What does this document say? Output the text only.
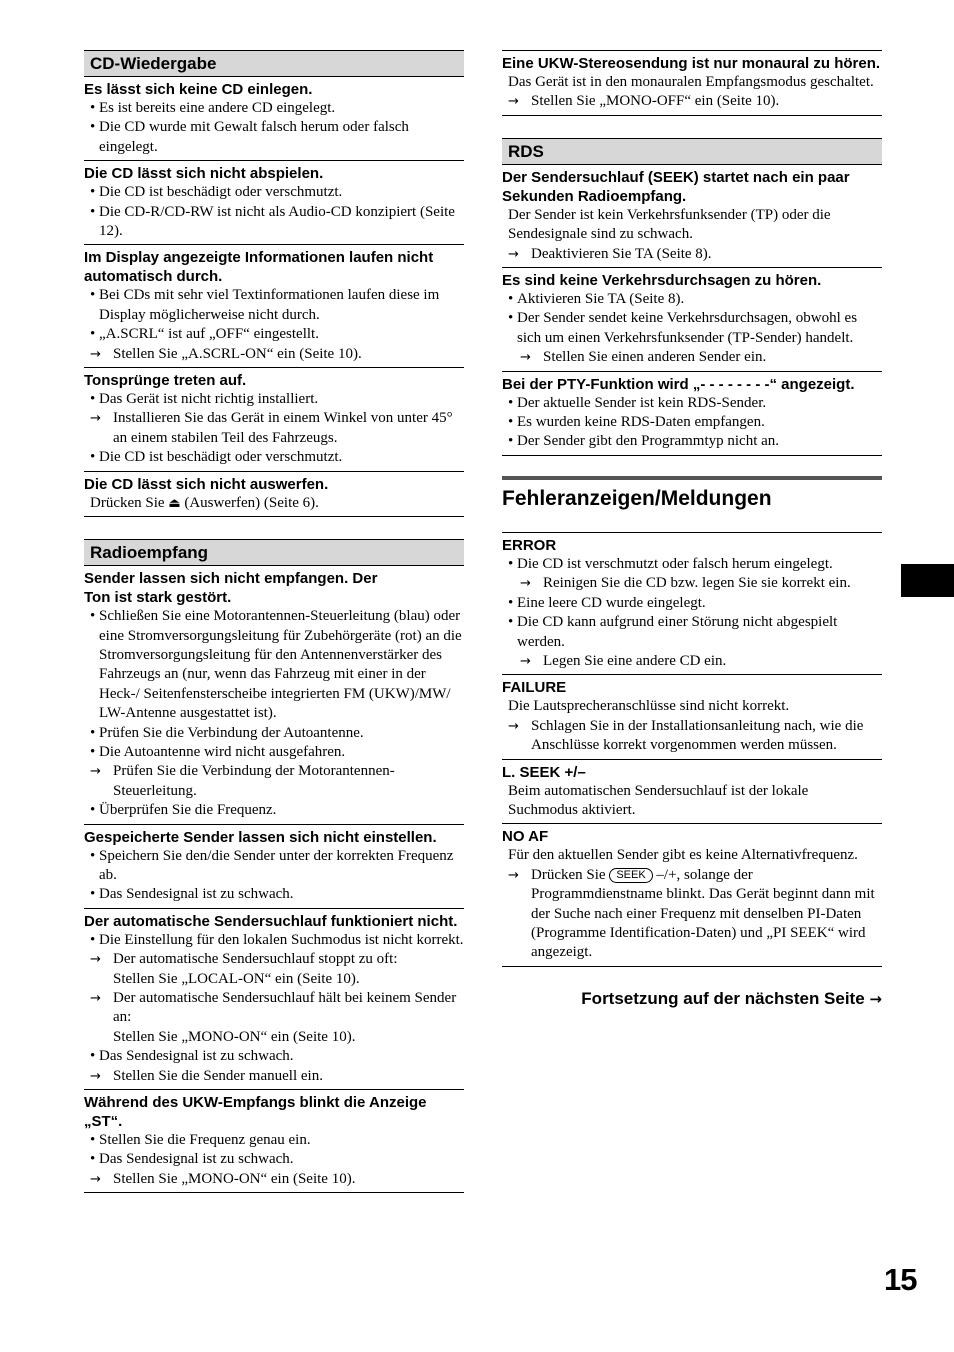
CD-Wiedergabe
Es lässt sich keine CD einlegen.
• Es ist bereits eine andere CD eingelegt.
• Die CD wurde mit Gewalt falsch herum oder falsch eingelegt.
Die CD lässt sich nicht abspielen.
• Die CD ist beschädigt oder verschmutzt.
• Die CD-R/CD-RW ist nicht als Audio-CD konzipiert (Seite 12).
Im Display angezeigte Informationen laufen nicht automatisch durch.
• Bei CDs mit sehr viel Textinformationen laufen diese im Display möglicherweise nicht durch.
• „A.SCRL“ ist auf „OFF“ eingestellt.
→ Stellen Sie „A.SCRL-ON“ ein (Seite 10).
Tonsprünge treten auf.
• Das Gerät ist nicht richtig installiert.
→ Installieren Sie das Gerät in einem Winkel von unter 45° an einem stabilen Teil des Fahrzeugs.
• Die CD ist beschädigt oder verschmutzt.
Die CD lässt sich nicht auswerfen.
Drücken Sie ⏏ (Auswerfen) (Seite 6).
Radioempfang
Sender lassen sich nicht empfangen. Der Ton ist stark gestört.
• Schließen Sie eine Motorantennen-Steuerleitung (blau) oder eine Stromversorgungsleitung für Zubehörgeräte (rot) an die Stromversorgungsleitung für den Antennenverstärker des Fahrzeugs an (nur, wenn das Fahrzeug mit einer in der Heck-/ Seitenfensterscheibe integrierten FM (UKW)/MW/ LW-Antenne ausgestattet ist).
• Prüfen Sie die Verbindung der Autoantenne.
• Die Autoantenne wird nicht ausgefahren.
→ Prüfen Sie die Verbindung der Motorantennen-Steuerleitung.
• Überprüfen Sie die Frequenz.
Gespeicherte Sender lassen sich nicht einstellen.
• Speichern Sie den/die Sender unter der korrekten Frequenz ab.
• Das Sendesignal ist zu schwach.
Der automatische Sendersuchlauf funktioniert nicht.
• Die Einstellung für den lokalen Suchmodus ist nicht korrekt.
→ Der automatische Sendersuchlauf stoppt zu oft:
Stellen Sie „LOCAL-ON“ ein (Seite 10).
→ Der automatische Sendersuchlauf hält bei keinem Sender an:
Stellen Sie „MONO-ON“ ein (Seite 10).
• Das Sendesignal ist zu schwach.
→ Stellen Sie die Sender manuell ein.
Während des UKW-Empfangs blinkt die Anzeige „ST“.
• Stellen Sie die Frequenz genau ein.
• Das Sendesignal ist zu schwach.
→ Stellen Sie „MONO-ON“ ein (Seite 10).
Eine UKW-Stereosendung ist nur monaural zu hören.
Das Gerät ist in den monauralen Empfangsmodus geschaltet.
→ Stellen Sie „MONO-OFF“ ein (Seite 10).
RDS
Der Sendersuchlauf (SEEK) startet nach ein paar Sekunden Radioempfang.
Der Sender ist kein Verkehrsfunksender (TP) oder die Sendesignale sind zu schwach.
→ Deaktivieren Sie TA (Seite 8).
Es sind keine Verkehrsdurchsagen zu hören.
• Aktivieren Sie TA (Seite 8).
• Der Sender sendet keine Verkehrsdurchsagen, obwohl es sich um einen Verkehrsfunksender (TP-Sender) handelt.
→ Stellen Sie einen anderen Sender ein.
Bei der PTY-Funktion wird „- - - - - - - -“ angezeigt.
• Der aktuelle Sender ist kein RDS-Sender.
• Es wurden keine RDS-Daten empfangen.
• Der Sender gibt den Programmtyp nicht an.
Fehleranzeigen/Meldungen
ERROR
• Die CD ist verschmutzt oder falsch herum eingelegt.
→ Reinigen Sie die CD bzw. legen Sie sie korrekt ein.
• Eine leere CD wurde eingelegt.
• Die CD kann aufgrund einer Störung nicht abgespielt werden.
→ Legen Sie eine andere CD ein.
FAILURE
Die Lautsprecheranschlüsse sind nicht korrekt.
→ Schlagen Sie in der Installationsanleitung nach, wie die Anschlüsse korrekt vorgenommen werden müssen.
L. SEEK +/–
Beim automatischen Sendersuchlauf ist der lokale Suchmodus aktiviert.
NO AF
Für den aktuellen Sender gibt es keine Alternativfrequenz.
→ Drücken Sie SEEK –/+, solange der Programmdienstname blinkt. Das Gerät beginnt dann mit der Suche nach einer Frequenz mit denselben PI-Daten (Programme Identification-Daten) und „PI SEEK“ wird angezeigt.
Fortsetzung auf der nächsten Seite →
15
